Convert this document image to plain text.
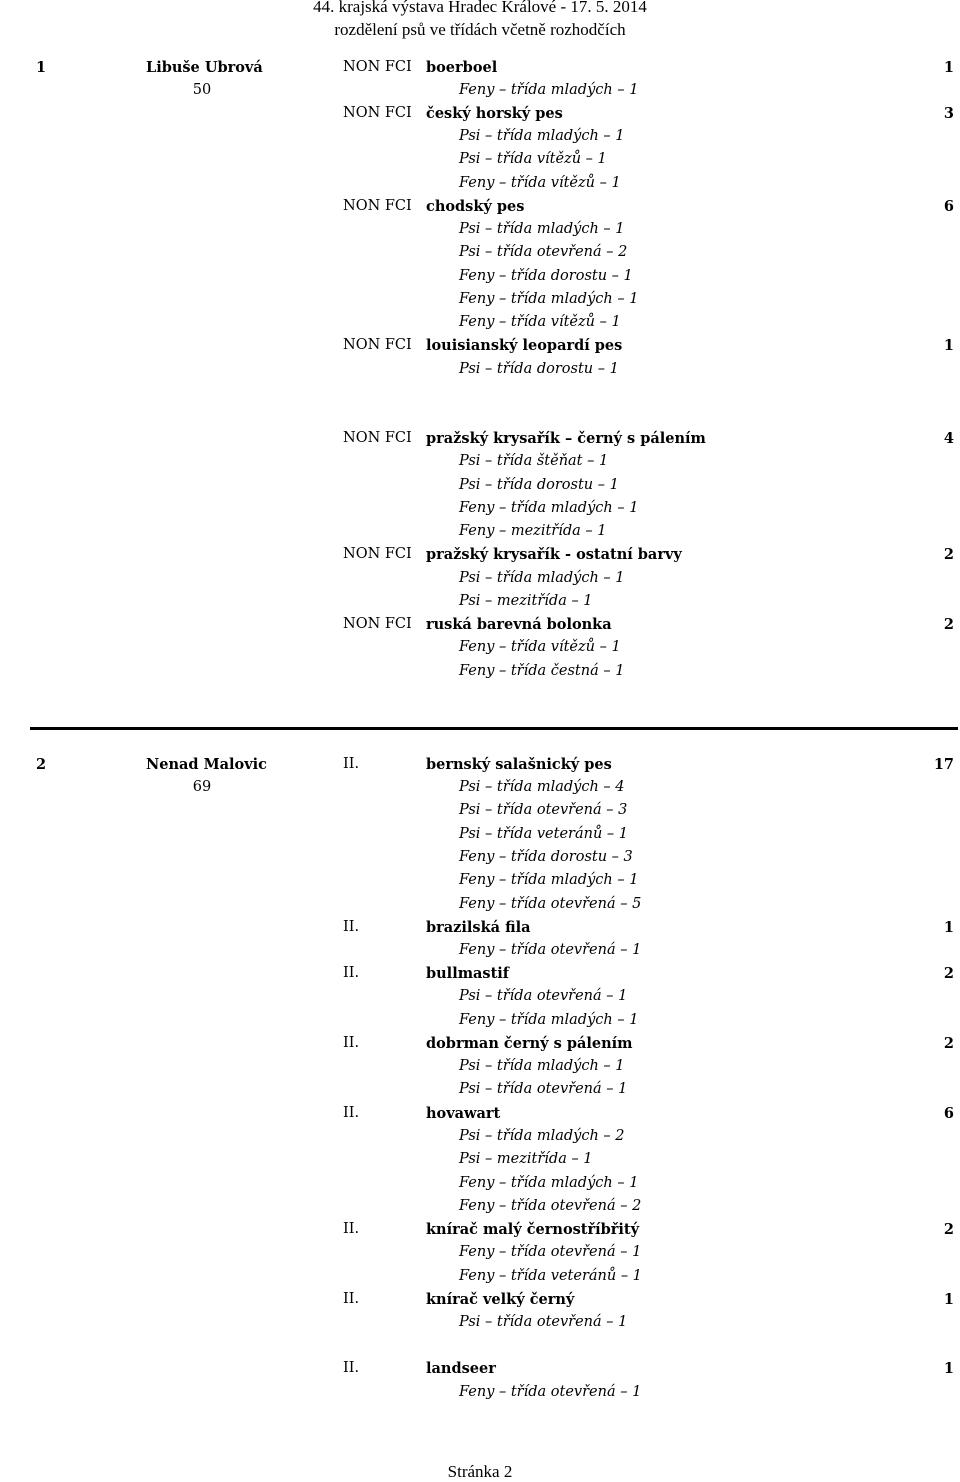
44. krajská výstava Hradec Králové - 17. 5. 2014
rozdělení psů ve třídách včetně rozhodčích
1	Libuše Ubrová	NON FCI boerboel	1
50	Feny – třída mladých – 1
NON FCI český horský pes	3
Psi – třída mladých – 1
Psi – třída vítězů – 1
Feny – třída vítězů – 1
NON FCI chodský pes	6
Psi – třída mladých – 1
Psi – třída otevřená – 2
Feny – třída dorostu – 1
Feny – třída mladých – 1
Feny – třída vítězů – 1
NON FCI louisianský leopardí pes	1
Psi – třída dorostu – 1
NON FCI pražský krysařík – černý s pálením	4
Psi – třída štěňat – 1
Psi – třída dorostu – 1
Feny – třída mladých – 1
Feny – mezitřída – 1
NON FCI pražský krysařík - ostatní barvy	2
Psi – třída mladých – 1
Psi – mezitřída – 1
NON FCI ruská barevná bolonka	2
Feny – třída vítězů – 1
Feny – třída čestná – 1
2	Nenad Malovic	II.	bernský salašnický pes	17
69	Psi – třída mladých – 4
Psi – třída otevřená – 3
Psi – třída veteránů – 1
Feny – třída dorostu – 3
Feny – třída mladých – 1
Feny – třída otevřená – 5
II.	brazilská fila	1
Feny – třída otevřená – 1
II.	bullmastif	2
Psi – třída otevřená – 1
Feny – třída mladých – 1
II.	dobrman černý s pálením	2
Psi – třída mladých – 1
Psi – třída otevřená – 1
II.	hovawart	6
Psi – třída mladých – 2
Psi – mezitřída – 1
Feny – třída mladých – 1
Feny – třída otevřená – 2
II.	knírač malý černostříbřitý	2
Feny – třída otevřená – 1
Feny – třída veteránů – 1
II.	knírač velký černý	1
Psi – třída otevřená – 1
II.	landseer	1
Feny – třída otevřená – 1
Stránka 2
